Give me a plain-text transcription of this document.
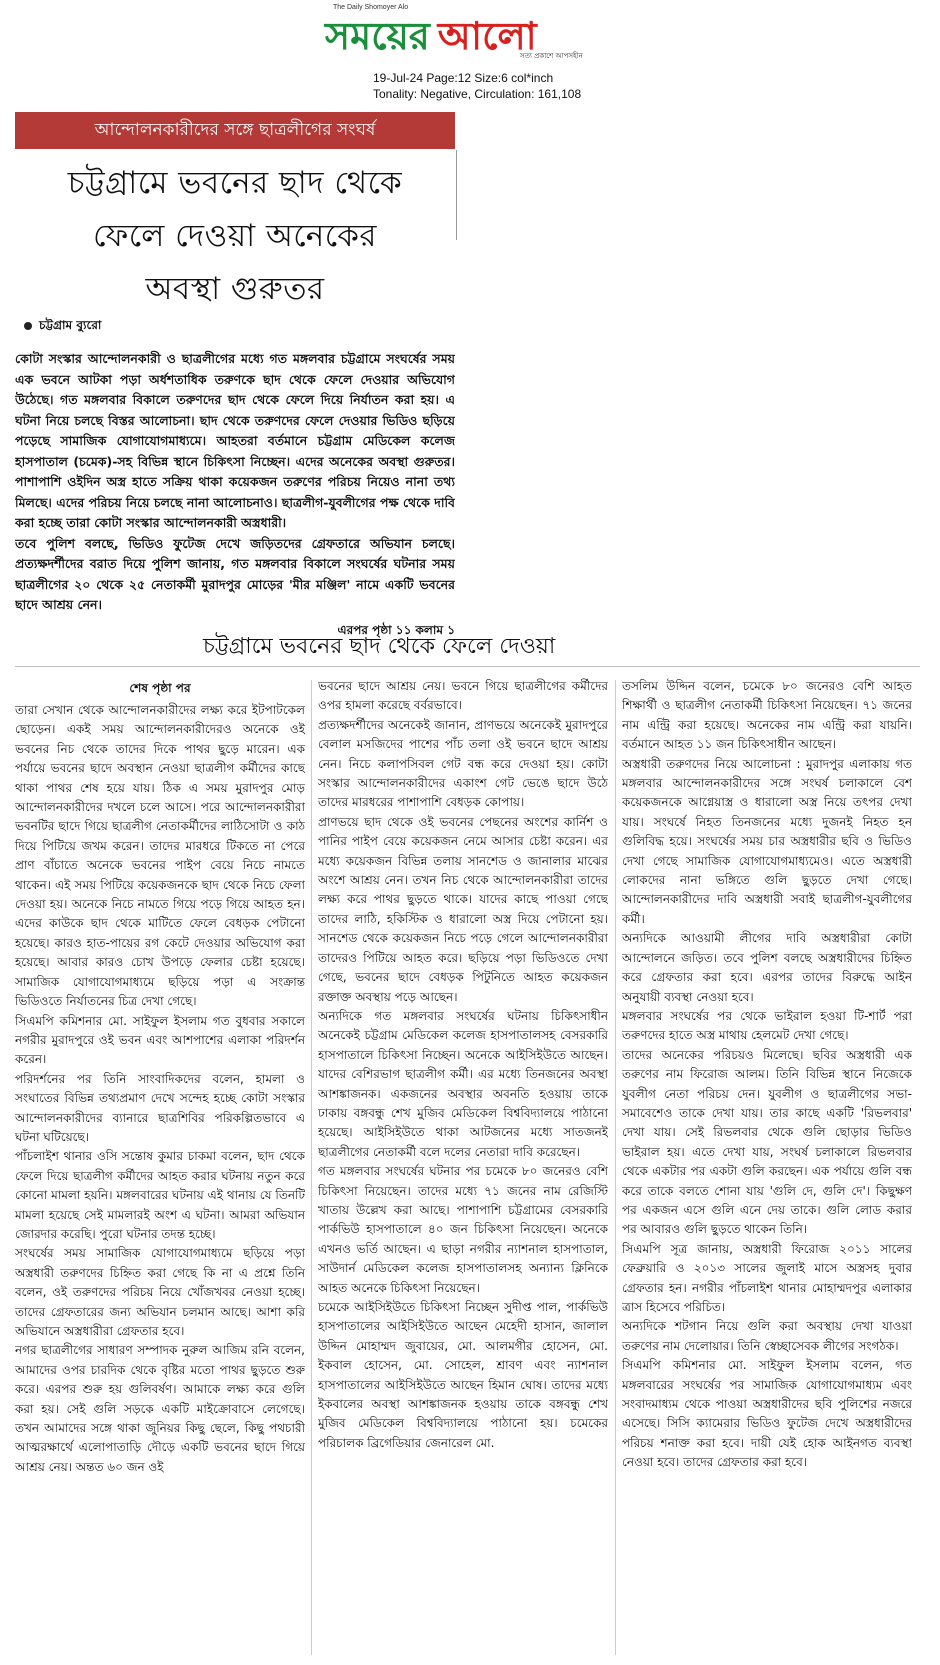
The Daily Shomoyer Alo
সময়ের আলো
সত্য প্রকাশে আপসহীন
19-Jul-24 Page:12 Size:6 col*inch
Tonality: Negative, Circulation: 161,108
আন্দোলনকারীদের সঙ্গে ছাত্রলীগের সংঘর্ষ
চট্টগ্রামে ভবনের ছাদ থেকে
ফেলে দেওয়া অনেকের
অবস্থা গুরুতর
চট্টগ্রাম ব্যুরো

কোটা সংস্কার আন্দোলনকারী ও ছাত্রলীগের মধ্যে গত মঙ্গলবার চট্টগ্রামে সংঘর্ষের সময় এক ভবনে আটকা পড়া অর্ধশতাধিক তরুণকে ছাদ থেকে ফেলে দেওয়ার অভিযোগ উঠেছে। গত মঙ্গলবার বিকালে তরুণদের ছাদ থেকে ফেলে দিয়ে নির্যাতন করা হয়। এ ঘটনা নিয়ে চলছে বিস্তর আলোচনা। ছাদ থেকে তরুণদের ফেলে দেওয়ার ভিডিও ছড়িয়ে পড়েছে সামাজিক যোগাযোগমাধ্যমে। আহতরা বর্তমানে চট্টগ্রাম মেডিকেল কলেজ হাসপাতাল (চমেক)-সহ বিভিন্ন স্থানে চিকিৎসা নিচ্ছেন। এদের অনেকের অবস্থা গুরুতর। পাশাপাশি ওইদিন অস্ত্র হাতে সক্রিয় থাকা কয়েকজন তরুণের পরিচয় নিয়েও নানা তথ্য মিলছে। এদের পরিচয় নিয়ে চলছে নানা আলোচনাও। ছাত্রলীগ-যুবলীগের পক্ষ থেকে দাবি করা হচ্ছে তারা কোটা সংস্কার আন্দোলনকারী অস্ত্রধারী।

তবে পুলিশ বলছে, ভিডিও ফুটেজ দেখে জড়িতদের গ্রেফতারে অভিযান চলছে। প্রত্যক্ষদর্শীদের বরাত দিয়ে পুলিশ জানায়, গত মঙ্গলবার বিকালে সংঘর্ষের ঘটনার সময় ছাত্রলীগের ২০ থেকে ২৫ নেতাকর্মী মুরাদপুর মোড়ের 'মীর মঞ্জিল' নামে একটি ভবনের ছাদে আশ্রয় নেন।

এরপর পৃষ্ঠা ১১ কলাম ১
চট্টগ্রামে ভবনের ছাদ থেকে ফেলে দেওয়া
শেষ পৃষ্ঠা পর

তারা সেখান থেকে আন্দোলনকারীদের লক্ষ্য করে ইটপাটকেল ছোড়েন। একই সময় আন্দোলনকারীদেরও অনেকে ওই ভবনের নিচ থেকে তাদের দিকে পাথর ছুড়ে মারেন। এক পর্যায়ে ভবনের ছাদে অবস্থান নেওয়া ছাত্রলীগ কর্মীদের কাছে থাকা পাথর শেষ হয়ে যায়। ঠিক এ সময় মুরাদপুর মোড় আন্দোলনকারীদের দখলে চলে আসে। পরে আন্দোলনকারীরা ভবনটির ছাদে গিয়ে ছাত্রলীগ নেতাকর্মীদের লাঠিসোটা ও কাঠ দিয়ে পিটিয়ে জখম করেন। তাদের মারধরে টিকতে না পেরে প্রাণ বাঁচাতে অনেকে ভবনের পাইপ বেয়ে নিচে নামতে থাকেন। এই সময় পিটিয়ে কয়েকজনকে ছাদ থেকে নিচে ফেলা দেওয়া হয়। অনেকে নিচে নামতে গিয়ে পড়ে গিয়ে আহত হন। এদের কাউকে ছাদ থেকে মাটিতে ফেলে বেধড়ক পেটানো হয়েছে। কারও হাত-পায়ের রগ কেটে দেওয়ার অভিযোগ করা হয়েছে। আবার কারও চোখ উপড়ে ফেলার চেষ্টা হয়েছে। সামাজিক যোগাযোগমাধ্যমে ছড়িয়ে পড়া এ সংক্রান্ত ভিডিওতে নির্যাতনের চিত্র দেখা গেছে।

সিএমপি কমিশনার মো. সাইফুল ইসলাম গত বুধবার সকালে নগরীর মুরাদপুরে ওই ভবন এবং আশপাশের এলাকা পরিদর্শন করেন।

পরিদর্শনের পর তিনি সাংবাদিকদের বলেন, হামলা ও সংঘাতের বিভিন্ন তথ্যপ্রমাণ দেখে সন্দেহ হচ্ছে কোটা সংস্কার আন্দোলনকারীদের ব্যানারে ছাত্রশিবির পরিকল্পিতভাবে এ ঘটনা ঘটিয়েছে।

পাঁচলাইশ থানার ওসি সন্তোষ কুমার চাকমা বলেন, ছাদ থেকে ফেলে দিয়ে ছাত্রলীগ কর্মীদের আহত করার ঘটনায় নতুন করে কোনো মামলা হয়নি। মঙ্গলবারের ঘটনায় এই থানায় যে তিনটি মামলা হয়েছে সেই মামলারই অংশ এ ঘটনা। আমরা অভিযান জোরদার করেছি। পুরো ঘটনার তদন্ত হচ্ছে।

সংঘর্ষের সময় সামাজিক যোগাযোগমাধ্যমে ছড়িয়ে পড়া অস্ত্রধারী তরুণদের চিহ্নিত করা গেছে কি না এ প্রশ্নে তিনি বলেন, ওই তরুণদের পরিচয় নিয়ে খোঁজখবর নেওয়া হচ্ছে। তাদের গ্রেফতারের জন্য অভিযান চলমান আছে। আশা করি অভিযানে অস্ত্রধারীরা গ্রেফতার হবে।

নগর ছাত্রলীগের সাধারণ সম্পাদক নুরুল আজিম রনি বলেন, আমাদের ওপর চারদিক থেকে বৃষ্টির মতো পাথর ছুড়তে শুরু করে। এরপর শুরু হয় গুলিবর্ষণ। আমাকে লক্ষ্য করে গুলি করা হয়। সেই গুলি সড়কে একটি মাইক্রোবাসে লেগেছে। তখন আমাদের সঙ্গে থাকা জুনিয়র কিছু ছেলে, কিছু পথচারী আত্মরক্ষার্থে এলোপাতাড়ি দৌড়ে একটি ভবনের ছাদে গিয়ে আশ্রয় নেয়। অন্তত ৬০ জন ওই

ভবনের ছাদে আশ্রয় নেয়। ভবনে গিয়ে ছাত্রলীগের কর্মীদের ওপর হামলা করেছে বর্বরভাবে।

প্রত্যক্ষদর্শীদের অনেকেই জানান, প্রাণভয়ে অনেকেই মুরাদপুরে বেলাল মসজিদের পাশের পাঁচ তলা ওই ভবনে ছাদে আশ্রয় নেন। নিচে কলাপসিবল গেট বন্ধ করে দেওয়া হয়। কোটা সংস্কার আন্দোলনকারীদের একাংশ গেট ভেঙে ছাদে উঠে তাদের মারধরের পাশাপাশি বেধড়ক কোপায়।

প্রাণভয়ে ছাদ থেকে ওই ভবনের পেছনের অংশের কার্নিশ ও পানির পাইপ বেয়ে কয়েকজন নেমে আসার চেষ্টা করেন। এর মধ্যে কয়েকজন বিভিন্ন তলায় সানশেড ও জানালার মাঝের অংশে আশ্রয় নেন। তখন নিচ থেকে আন্দোলনকারীরা তাদের লক্ষ্য করে পাথর ছুড়তে থাকে। যাদের কাছে পাওয়া গেছে তাদের লাঠি, হকিস্টিক ও ধারালো অস্ত্র দিয়ে পেটানো হয়। সানশেড থেকে কয়েকজন নিচে পড়ে গেলে আন্দোলনকারীরা তাদেরও পিটিয়ে আহত করে। ছড়িয়ে পড়া ভিডিওতে দেখা গেছে, ভবনের ছাদে বেধড়ক পিটুনিতে আহত কয়েকজন রক্তাক্ত অবস্থায় পড়ে আছেন।

অন্যদিকে গত মঙ্গলবার সংঘর্ষের ঘটনায় চিকিৎসাধীন অনেকেই চট্টগ্রাম মেডিকেল কলেজ হাসপাতালসহ বেসরকারি হাসপাতালে চিকিৎসা নিচ্ছেন। অনেকে আইসিইউতে আছেন। যাদের বেশিরভাগ ছাত্রলীগ কর্মী। এর মধ্যে তিনজনের অবস্থা আশঙ্কাজনক। একজনের অবস্থার অবনতি হওয়ায় তাকে ঢাকায় বঙ্গবন্ধু শেখ মুজিব মেডিকেল বিশ্ববিদ্যালয়ে পাঠানো হয়েছে। আইসিইউতে থাকা আটজনের মধ্যে সাতজনই ছাত্রলীগের নেতাকর্মী বলে দলের নেতারা দাবি করেছেন।

গত মঙ্গলবার সংঘর্ষের ঘটনার পর চমেকে ৮০ জনেরও বেশি চিকিৎসা নিয়েছেন। তাদের মধ্যে ৭১ জনের নাম রেজিস্টি খাতায় উল্লেখ করা আছে। পাশাপাশি চট্টগ্রামের বেসরকারি পার্কভিউ হাসপাতালে ৪০ জন চিকিৎসা নিয়েছেন। অনেকে এখনও ভর্তি আছেন। এ ছাড়া নগরীর ন্যাশনাল হাসপাতাল, সাউদার্ন মেডিকেল কলেজ হাসপাতালসহ অন্যান্য ক্লিনিকে আহত অনেকে চিকিৎসা নিয়েছেন।

চমেকে আইসিইউতে চিকিৎসা নিচ্ছেন সুদীপ্ত পাল, পার্কভিউ হাসপাতালের আইসিইউতে আছেন মেহেদী হাসান, জালাল উদ্দিন মোহাম্মদ জুবায়ের, মো. আলমগীর হোসেন, মো. ইকবাল হোসেন, মো. সোহেল, শ্রাবণ এবং ন্যাশনাল হাসপাতালের আইসিইউতে আছেন হিমান ঘোষ। তাদের মধ্যে ইকবালের অবস্থা আশঙ্কাজনক হওয়ায় তাকে বঙ্গবন্ধু শেখ মুজিব মেডিকেল বিশ্ববিদ্যালয়ে পাঠানো হয়। চমেকের পরিচালক ব্রিগেডিয়ার জেনারেল মো.

তসলিম উদ্দিন বলেন, চমেকে ৮০ জনেরও বেশি আহত শিক্ষার্থী ও ছাত্রলীগ নেতাকর্মী চিকিৎসা নিয়েছেন। ৭১ জনের নাম এন্ট্রি করা হয়েছে। অনেকের নাম এন্ট্রি করা যায়নি। বর্তমানে আহত ১১ জন চিকিৎসাধীন আছেন।

অস্ত্রধারী তরুণদের নিয়ে আলোচনা : মুরাদপুর এলাকায় গত মঙ্গলবার আন্দোলনকারীদের সঙ্গে সংঘর্ষ চলাকালে বেশ কয়েকজনকে আগ্নেয়াস্ত্র ও ধারালো অস্ত্র নিয়ে তৎপর দেখা যায়। সংঘর্ষে নিহত তিনজনের মধ্যে দুজনই নিহত হন গুলিবিদ্ধ হয়ে। সংঘর্ষের সময় চার অস্ত্রধারীর ছবি ও ভিডিও দেখা গেছে সামাজিক যোগাযোগমাধ্যমেও। এতে অস্ত্রধারী লোকদের নানা ভঙ্গিতে গুলি ছুড়তে দেখা গেছে। আন্দোলনকারীদের দাবি অস্ত্রধারী সবাই ছাত্রলীগ-যুবলীগের কর্মী।

অন্যদিকে আওয়ামী লীগের দাবি অস্ত্রধারীরা কোটা আন্দোলনে জড়িত। তবে পুলিশ বলছে অস্ত্রধারীদের চিহ্নিত করে গ্রেফতার করা হবে। এরপর তাদের বিরুদ্ধে আইন অনুযায়ী ব্যবস্থা নেওয়া হবে।

মঙ্গলবার সংঘর্ষের পর থেকে ভাইরাল হওয়া টি-শার্ট পরা তরুণদের হাতে অস্ত্র মাথায় হেলমেট দেখা গেছে।

তাদের অনেকের পরিচয়ও মিলেছে। ছবির অস্ত্রধারী এক তরুণের নাম ফিরোজ আলম। তিনি বিভিন্ন স্থানে নিজেকে যুবলীগ নেতা পরিচয় দেন। যুবলীগ ও ছাত্রলীগের সভা-সমাবেশেও তাকে দেখা যায়। তার কাছে একটি 'রিভলবার' দেখা যায়। সেই রিভলবার থেকে গুলি ছোড়ার ভিডিও ভাইরাল হয়। এতে দেখা যায়, সংঘর্ষ চলাকালে রিভলবার থেকে একটার পর একটা গুলি করছেন। এক পর্যায়ে গুলি বন্ধ করে তাকে বলতে শোনা যায় 'গুলি দে, গুলি দে'। কিছুক্ষণ পর একজন এসে গুলি এনে দেয় তাকে। গুলি লোড করার পর আবারও গুলি ছুড়তে থাকেন তিনি।

সিএমপি সূত্র জানায়, অস্ত্রধারী ফিরোজ ২০১১ সালের ফেব্রুয়ারি ও ২০১৩ সালের জুলাই মাসে অস্ত্রসহ দুবার গ্রেফতার হন। নগরীর পাঁচলাইশ থানার মোহাম্মদপুর এলাকার ত্রাস হিসেবে পরিচিত।

অন্যদিকে শটগান নিয়ে গুলি করা অবস্থায় দেখা যাওয়া তরুণের নাম দেলোয়ার। তিনি স্বেচ্ছাসেবক লীগের সংগঠক।

সিএমপি কমিশনার মো. সাইফুল ইসলাম বলেন, গত মঙ্গলবারের সংঘর্ষের পর সামাজিক যোগাযোগমাধ্যম এবং সংবাদমাধ্যম থেকে পাওয়া অস্ত্রধারীদের ছবি পুলিশের নজরে এসেছে। সিসি ক্যামেরার ভিডিও ফুটেজ দেখে অস্ত্রধারীদের পরিচয় শনাক্ত করা হবে। দায়ী যেই হোক আইনগত ব্যবস্থা নেওয়া হবে। তাদের গ্রেফতার করা হবে।
